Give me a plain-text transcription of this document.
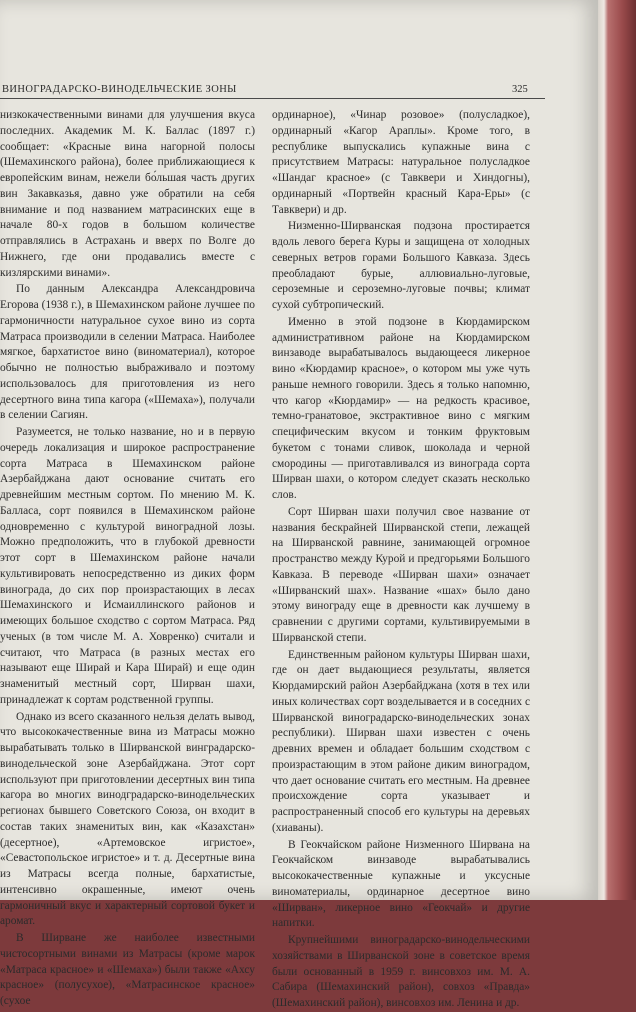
ВИНОГРАДАРСКО-ВИНОДЕЛЬЧЕСКИЕ ЗОНЫ	325

низкокачественными винами для улучшения вкуса последних. Академик М. К. Баллас (1897 г.) сообщает: «Красные вина нагорной полосы (Шемахинского района), более приближающиеся к европейским винам, нежели бо́льшая часть других вин Закавказья, давно уже обратили на себя внимание и под названием матрасинских еще в начале 80-х годов в большом количестве отправлялись в Астрахань и вверх по Волге до Нижнего, где они продавались вместе с кизлярскими винами».

По данным Александра Александровича Егорова (1938 г.), в Шемахинском районе лучшее по гармоничности натуральное сухое вино из сорта Матраса производили в селении Матраса. Наиболее мягкое, бархатистое вино (виноматериал), которое обычно не полностью выбраживало и поэтому использовалось для приготовления из него десертного вина типа кагора («Шемаха»), получали в селении Сагиян.

Разумеется, не только название, но и в первую очередь локализация и широкое распространение сорта Матраса в Шемахинском районе Азербайджана дают основание считать его древнейшим местным сортом. По мнению М. К. Балласа, сорт появился в Шемахинском районе одновременно с культурой виноградной лозы. Можно предположить, что в глубокой древности этот сорт в Шемахинском районе начали культивировать непосредственно из диких форм винограда, до сих пор произрастающих в лесах Шемахинского и Исмаиллинского районов и имеющих большое сходство с сортом Матраса. Ряд ученых (в том числе М. А. Ховренко) считали и считают, что Матраса (в разных местах его называют еще Ширай и Кара Ширай) и еще один знаменитый местный сорт, Ширван шахи, принадлежат к сортам родственной группы.

Однако из всего сказанного нельзя делать вывод, что высококачественные вина из Матрасы можно вырабатывать только в Ширванской винградарско-винодельческой зоне Азербайджана. Этот сорт используют при приготовлении десертных вин типа кагора во многих винодградарско-винодельческих регионах бывшего Советского Союза, он входит в состав таких знаменитых вин, как «Казахстан» (десертное), «Артемовское игристое», «Севастопольское игристое» и т. д. Десертные вина из Матрасы всегда полные, бархатистые, интенсивно окрашенные, имеют очень гармоничный вкус и характерный сортовой букет и аромат.

В Ширване же наиболее известными чистосортными винами из Матрасы (кроме марок «Матраса красное» и «Шемаха») были также «Ахсу красное» (полусухое), «Матрасинское красное» (сухое

ординарное), «Чинар розовое» (полусладкое), ординарный «Кагор Араплы». Кроме того, в республике выпускались купажные вина с присутствием Матрасы: натуральное полусладкое «Шандаг красное» (с Тавквери и Хиндогны), ординарный «Портвейн красный Кара-Еры» (с Тавквери) и др.

Низменно-Ширванская подзона простирается вдоль левого берега Куры и защищена от холодных северных ветров горами Большого Кавказа. Здесь преобладают бурые, аллювиально-луговые, сероземные и сероземно-луговые почвы; климат сухой субтропический.

Именно в этой подзоне в Кюрдамирском административном районе на Кюрдамирском винзаводе вырабатывалось выдающееся ликерное вино «Кюрдамир красное», о котором мы уже чуть раньше немного говорили. Здесь я только напомню, что кагор «Кюрдамир» — на редкость красивое, темно-гранатовое, экстрактивное вино с мягким специфическим вкусом и тонким фруктовым букетом с тонами сливок, шоколада и черной смородины — приготавливался из винограда сорта Ширван шахи, о котором следует сказать несколько слов.

Сорт Ширван шахи получил свое название от названия бескрайней Ширванской степи, лежащей на Ширванской равнине, занимающей огромное пространство между Курой и предгорьями Большого Кавказа. В переводе «Ширван шахи» означает «Ширванский шах». Название «шах» было дано этому винограду еще в древности как лучшему в сравнении с другими сортами, культивируемыми в Ширванской степи.

Единственным районом культуры Ширван шахи, где он дает выдающиеся результаты, является Кюрдамирский район Азербайджана (хотя в тех или иных количествах сорт возделывается и в соседних с Ширванской виноградарско-винодельческих зонах республики). Ширван шахи известен с очень древних времен и обладает большим сходством с произрастающим в этом районе диким виноградом, что дает основание считать его местным. На древнее происхождение сорта указывает и распространенный способ его культуры на деревьях (хиаваны).

В Геокчайском районе Низменного Ширвана на Геокчайском винзаводе вырабатывались высококачественные купажные и уксусные виноматериалы, ординарное десертное вино «Ширван», ликерное вино «Геокчай» и другие напитки.

Крупнейшими виноградарско-винодельческими хозяйствами в Ширванской зоне в советское время были основанный в 1959 г. винсовхоз им. М. А. Сабира (Шемахинский район), совхоз «Правда» (Шемахинский район), винсовхоз им. Ленина и др.
